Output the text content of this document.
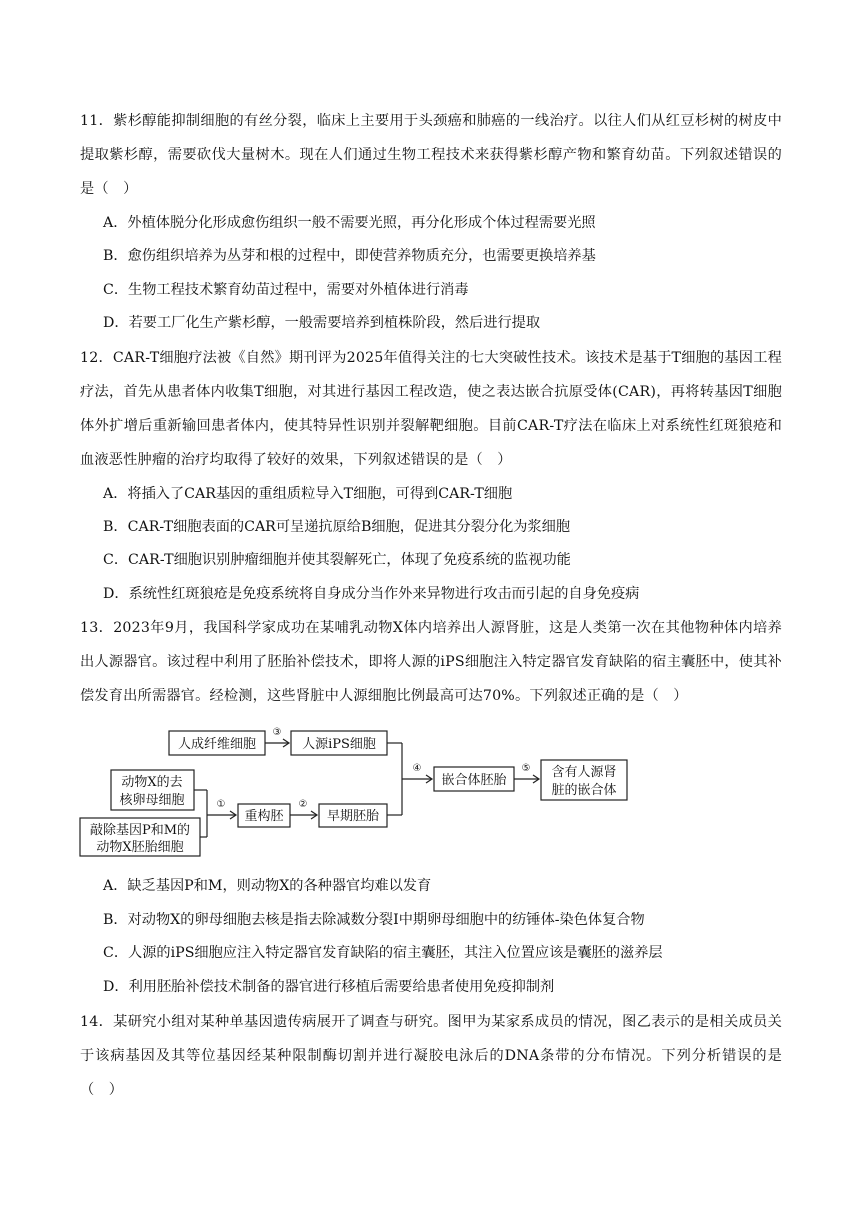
11．紫杉醇能抑制细胞的有丝分裂，临床上主要用于头颈癌和肺癌的一线治疗。以往人们从红豆杉树的树皮中提取紫杉醇，需要砍伐大量树木。现在人们通过生物工程技术来获得紫杉醇产物和繁育幼苗。下列叙述错误的是（　）
A．外植体脱分化形成愈伤组织一般不需要光照，再分化形成个体过程需要光照
B．愈伤组织培养为丛芽和根的过程中，即使营养物质充分，也需要更换培养基
C．生物工程技术繁育幼苗过程中，需要对外植体进行消毒
D．若要工厂化生产紫杉醇，一般需要培养到植株阶段，然后进行提取
12．CAR-T细胞疗法被《自然》期刊评为2025年值得关注的七大突破性技术。该技术是基于T细胞的基因工程疗法，首先从患者体内收集T细胞，对其进行基因工程改造，使之表达嵌合抗原受体(CAR)，再将转基因T细胞体外扩增后重新输回患者体内，使其特异性识别并裂解靶细胞。目前CAR-T疗法在临床上对系统性红斑狼疮和血液恶性肿瘤的治疗均取得了较好的效果，下列叙述错误的是（　）
A．将插入了CAR基因的重组质粒导入T细胞，可得到CAR-T细胞
B．CAR-T细胞表面的CAR可呈递抗原给B细胞，促进其分裂分化为浆细胞
C．CAR-T细胞识别肿瘤细胞并使其裂解死亡，体现了免疫系统的监视功能
D．系统性红斑狼疮是免疫系统将自身成分当作外来异物进行攻击而引起的自身免疫病
13．2023年9月，我国科学家成功在某哺乳动物X体内培养出人源肾脏，这是人类第一次在其他物种体内培养出人源器官。该过程中利用了胚胎补偿技术，即将人源的iPS细胞注入特定器官发育缺陷的宿主囊胚中，使其补偿发育出所需器官。经检测，这些肾脏中人源细胞比例最高可达70%。下列叙述正确的是（　）
人成纤维细胞
③
人源iPS细胞
动物X的去
核卵母细胞
敲除基因P和M的
动物X胚胎细胞
①
重构胚
②
早期胚胎
④
嵌合体胚胎
⑤ 含有人源肾
脏的嵌合体
A．缺乏基因P和M，则动物X的各种器官均难以发育
B．对动物X的卵母细胞去核是指去除减数分裂Ⅰ中期卵母细胞中的纺锤体-染色体复合物
C．人源的iPS细胞应注入特定器官发育缺陷的宿主囊胚，其注入位置应该是囊胚的滋养层
D．利用胚胎补偿技术制备的器官进行移植后需要给患者使用免疫抑制剂
14．某研究小组对某种单基因遗传病展开了调查与研究。图甲为某家系成员的情况，图乙表示的是相关成员关于该病基因及其等位基因经某种限制酶切割并进行凝胶电泳后的DNA条带的分布情况。下列分析错误的是（　）
